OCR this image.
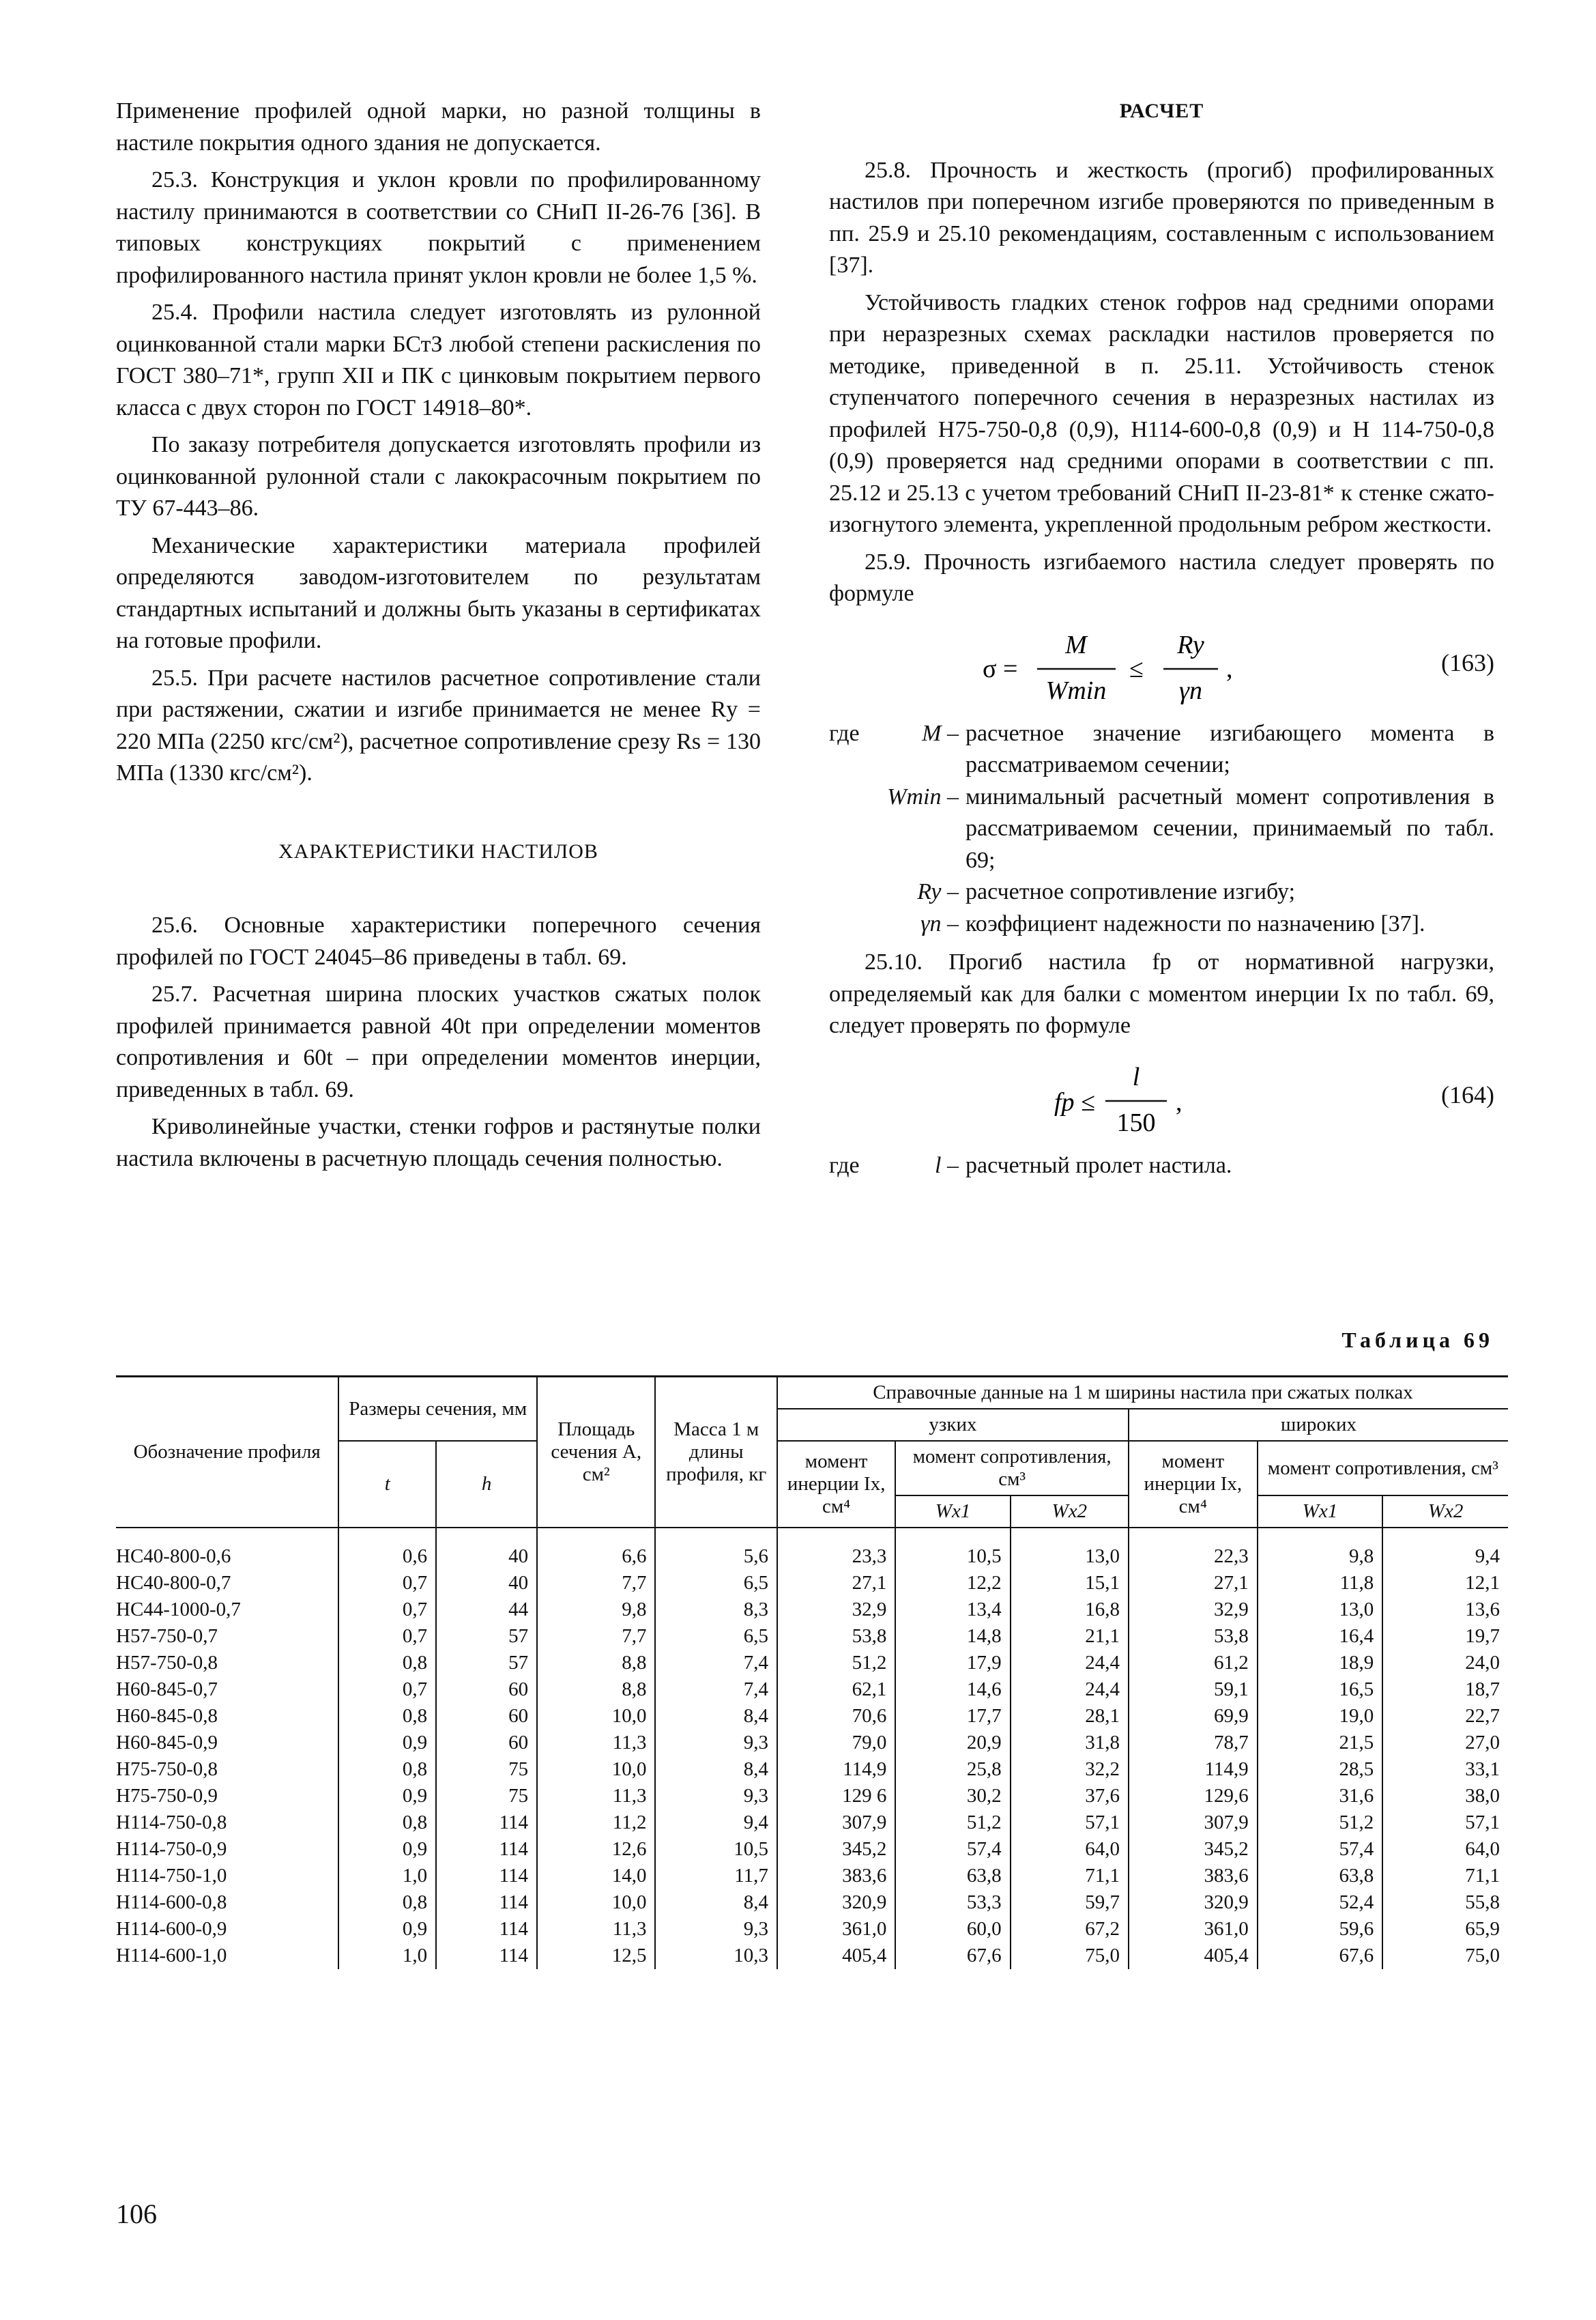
Применение профилей одной марки, но разной толщины в настиле покрытия одного здания не допускается.

25.3. Конструкция и уклон кровли по профилированному настилу принимаются в соответствии со СНиП II-26-76 [36]. В типовых конструкциях покрытий с применением профилированного настила принят уклон кровли не более 1,5 %.

25.4. Профили настила следует изготовлять из рулонной оцинкованной стали марки БСтЗ любой степени раскисления по ГОСТ 380–71*, групп XII и ПК с цинковым покрытием первого класса с двух сторон по ГОСТ 14918–80*.

По заказу потребителя допускается изготовлять профили из оцинкованной рулонной стали с лакокрасочным покрытием по ТУ 67-443–86.

Механические характеристики материала профилей определяются заводом-изготовителем по результатам стандартных испытаний и должны быть указаны в сертификатах на готовые профили.

25.5. При расчете настилов расчетное сопротивление стали при растяжении, сжатии и изгибе принимается не менее Rу = 220 МПа (2250 кгс/см²), расчетное сопротивление срезу Rs = 130 МПа (1330 кгс/см²).

ХАРАКТЕРИСТИКИ НАСТИЛОВ

25.6. Основные характеристики поперечного сечения профилей по ГОСТ 24045–86 приведены в табл. 69.

25.7. Расчетная ширина плоских участков сжатых полок профилей принимается равной 40t при определении моментов сопротивления и 60t – при определении моментов инерции, приведенных в табл. 69.

Криволинейные участки, стенки гофров и растянутые полки настила включены в расчетную площадь сечения полностью.

РАСЧЕТ

25.8. Прочность и жесткость (прогиб) профилированных настилов при поперечном изгибе проверяются по приведенным в пп. 25.9 и 25.10 рекомендациям, составленным с использованием [37].

Устойчивость гладких стенок гофров над средними опорами при неразрезных схемах раскладки настилов проверяется по методике, приведенной в п. 25.11. Устойчивость стенок ступенчатого поперечного сечения в неразрезных настилах из профилей Н75-750-0,8 (0,9), Н114-600-0,8 (0,9) и Н 114-750-0,8 (0,9) проверяется над средними опорами в соответствии с пп. 25.12 и 25.13 с учетом требований СНиП II-23-81* к стенке сжато-изогнутого элемента, укрепленной продольным ребром жесткости.

25.9. Прочность изгибаемого настила следует проверять по формуле

σ =
M
Wmin
≤
Ry
γn
,	(163)
где	M – расчетное значение изгибающего момента в рассматриваемом сечении;
Wmin – минимальный расчетный момент сопротивления в рассматриваемом сечении, принимаемый по табл. 69;
Ry – расчетное сопротивление изгибу;
γn – коэффициент надежности по назначению [37].

25.10. Прогиб настила fp от нормативной нагрузки, определяемый как для балки с моментом инерции Ix по табл. 69, следует проверять по формуле

fp ≤
l
150
,	(164)
где	l – расчетный пролет настила.
Таблица 69
Обозначение профиля	Размеры сечения, мм		Площадь сечения A, см²	Масса 1 м длины профиля, кг	Справочные данные на 1 м ширины настила при сжатых полках					
					узких			широких		
	t	h			момент инерции Ix, см⁴	момент сопротивления, см³		момент инерции Ix, см⁴	момент сопротивления, см³	
						Wx1	Wx2		Wx1	Wx2
НС40-800-0,6	0,6	40	6,6	5,6	23,3	10,5	13,0	22,3	9,8	9,4
НС40-800-0,7	0,7	40	7,7	6,5	27,1	12,2	15,1	27,1	11,8	12,1
НС44-1000-0,7	0,7	44	9,8	8,3	32,9	13,4	16,8	32,9	13,0	13,6
Н57-750-0,7	0,7	57	7,7	6,5	53,8	14,8	21,1	53,8	16,4	19,7
Н57-750-0,8	0,8	57	8,8	7,4	51,2	17,9	24,4	61,2	18,9	24,0
Н60-845-0,7	0,7	60	8,8	7,4	62,1	14,6	24,4	59,1	16,5	18,7
Н60-845-0,8	0,8	60	10,0	8,4	70,6	17,7	28,1	69,9	19,0	22,7
Н60-845-0,9	0,9	60	11,3	9,3	79,0	20,9	31,8	78,7	21,5	27,0
Н75-750-0,8	0,8	75	10,0	8,4	114,9	25,8	32,2	114,9	28,5	33,1
Н75-750-0,9	0,9	75	11,3	9,3	129 6	30,2	37,6	129,6	31,6	38,0
Н114-750-0,8	0,8	114	11,2	9,4	307,9	51,2	57,1	307,9	51,2	57,1
Н114-750-0,9	0,9	114	12,6	10,5	345,2	57,4	64,0	345,2	57,4	64,0
Н114-750-1,0	1,0	114	14,0	11,7	383,6	63,8	71,1	383,6	63,8	71,1
Н114-600-0,8	0,8	114	10,0	8,4	320,9	53,3	59,7	320,9	52,4	55,8
Н114-600-0,9	0,9	114	11,3	9,3	361,0	60,0	67,2	361,0	59,6	65,9
Н114-600-1,0	1,0	114	12,5	10,3	405,4	67,6	75,0	405,4	67,6	75,0
106
